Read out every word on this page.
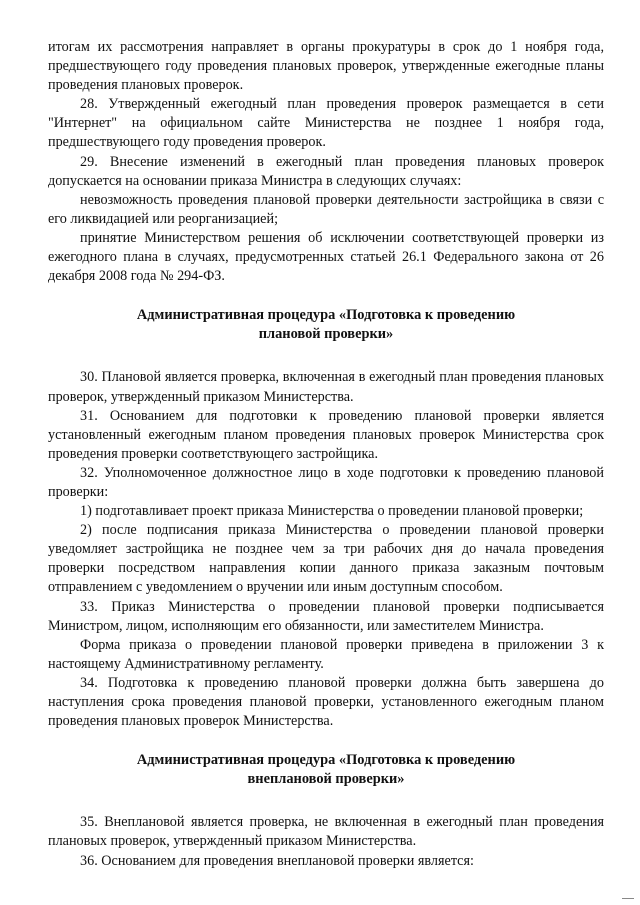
итогам их рассмотрения направляет в органы прокуратуры в срок до 1 ноября года, предшествующего году проведения плановых проверок, утвержденные ежегодные планы проведения плановых проверок.

28. Утвержденный ежегодный план проведения проверок размещается в сети "Интернет" на официальном сайте Министерства не позднее 1 ноября года, предшествующего году проведения проверок.

29. Внесение изменений в ежегодный план проведения плановых проверок допускается на основании приказа Министра в следующих случаях:

невозможность проведения плановой проверки деятельности застройщика в связи с его ликвидацией или реорганизацией;

принятие Министерством решения об исключении соответствующей проверки из ежегодного плана в случаях, предусмотренных статьей 26.1 Федерального закона от 26 декабря 2008 года № 294-ФЗ.

Административная процедура «Подготовка к проведению

плановой проверки»

30. Плановой является проверка, включенная в ежегодный план проведения плановых проверок, утвержденный приказом Министерства.

31. Основанием для подготовки к проведению плановой проверки является установленный ежегодным планом проведения плановых проверок Министерства срок проведения проверки соответствующего застройщика.

32. Уполномоченное должностное лицо в ходе подготовки к проведению плановой проверки:

1) подготавливает проект приказа Министерства о проведении плановой проверки;

2) после подписания приказа Министерства о проведении плановой проверки уведомляет застройщика не позднее чем за три рабочих дня до начала проведения проверки посредством направления копии данного приказа заказным почтовым отправлением с уведомлением о вручении или иным доступным способом.

33. Приказ Министерства о проведении плановой проверки подписывается Министром, лицом, исполняющим его обязанности, или заместителем Министра.

Форма приказа о проведении плановой проверки приведена в приложении 3 к настоящему Административному регламенту.

34. Подготовка к проведению плановой проверки должна быть завершена до наступления срока проведения плановой проверки, установленного ежегодным планом проведения плановых проверок Министерства.

Административная процедура «Подготовка к проведению

внеплановой проверки»

35. Внеплановой является проверка, не включенная в ежегодный план проведения плановых проверок, утвержденный приказом Министерства.

36. Основанием для проведения внеплановой проверки является:
